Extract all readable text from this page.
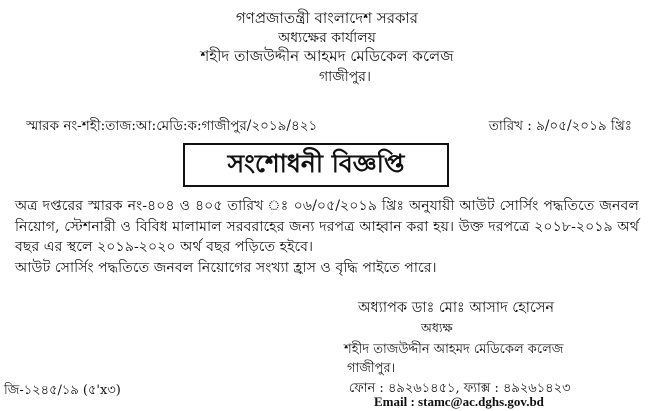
গণপ্রজাতন্ত্রী বাংলাদেশ সরকার
অধ্যক্ষের কার্যালয়
শহীদ তাজউদ্দীন আহমদ মেডিকেল কলেজ
গাজীপুর।
স্মারক নং-শহী:তাজ:আ:মেডি:ক:গাজীপুর/২০১৯/৪২১	তারিখ : ৯/০৫/২০১৯ খ্রিঃ
সংশোধনী বিজ্ঞপ্তি
অত্র দপ্তরের স্মারক নং-৪০৪ ও ৪০৫ তারিখ ঃ ০৬/০৫/২০১৯ খ্রিঃ অনুযায়ী আউট সোর্সিং পদ্ধতিতে জনবল নিয়োগ, স্টেশনারী ও বিবিধ মালামাল সরবরাহের জন্য দরপত্র আহ্বান করা হয়। উক্ত দরপত্রে ২০১৮-২০১৯ অর্থ বছর এর স্থলে ২০১৯-২০২০ অর্থ বছর পড়িতে হইবে।
আউট সোর্সিং পদ্ধতিতে জনবল নিয়োগের সংখ্যা হ্রাস ও বৃদ্ধি পাইতে পারে।
অধ্যাপক ডাঃ মোঃ আসাদ হোসেন
অধ্যক্ষ
শহীদ তাজউদ্দীন আহমদ মেডিকেল কলেজ
গাজীপুর।
জি-১২৪৫/১৯ (৫'x৩)	ফোন : ৪৯২৬১৪৫১, ফ্যাক্স : ৪৯২৬১৪২৩
Email : stamc@ac.dghs.gov.bd
